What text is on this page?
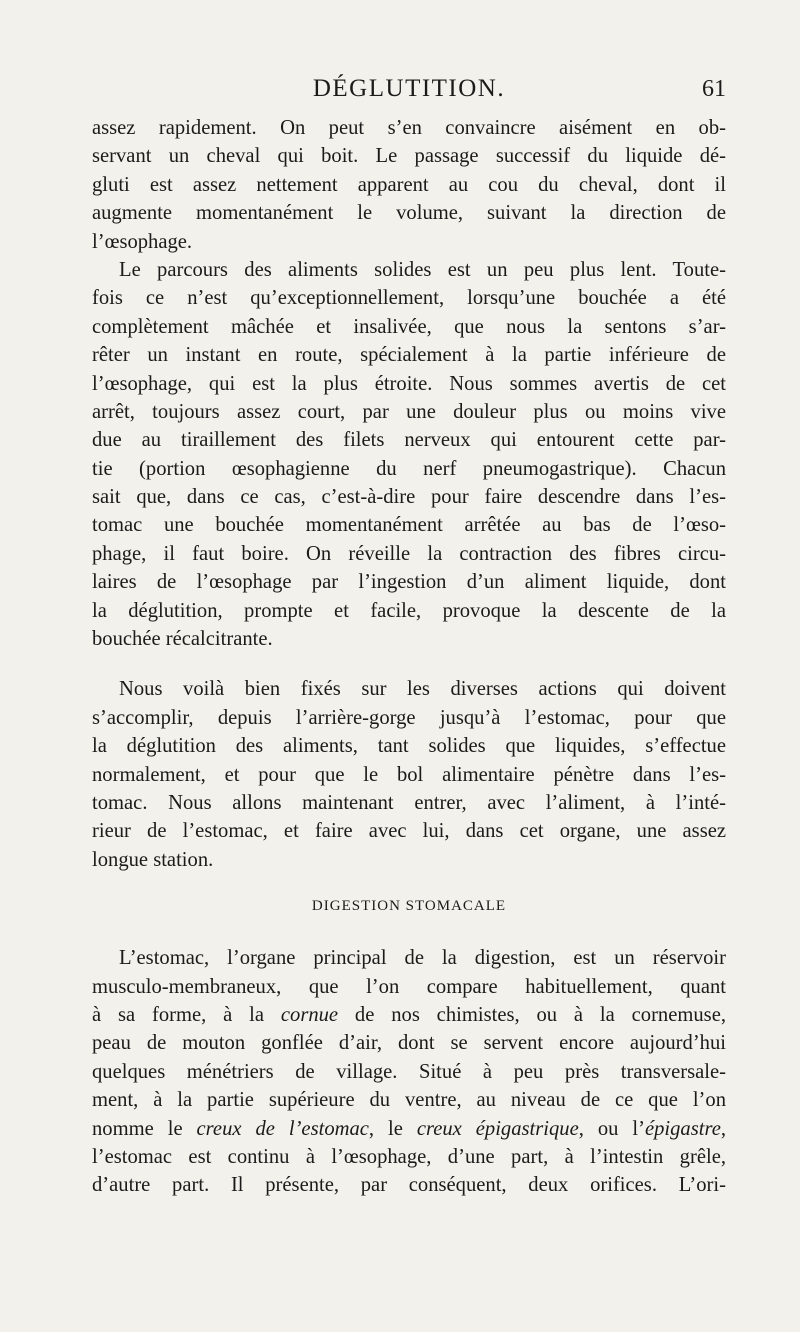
DÉGLUTITION.	61
assez rapidement. On peut s’en convaincre aisément en ob-
servant un cheval qui boit. Le passage successif du liquide dé-
gluti est assez nettement apparent au cou du cheval, dont il
augmente momentanément le volume, suivant la direction de
l’œsophage.
Le parcours des aliments solides est un peu plus lent. Toute-
fois ce n’est qu’exceptionnellement, lorsqu’une bouchée a été
complètement mâchée et insalivée, que nous la sentons s’ar-
rêter un instant en route, spécialement à la partie inférieure de
l’œsophage, qui est la plus étroite. Nous sommes avertis de cet
arrêt, toujours assez court, par une douleur plus ou moins vive
due au tiraillement des filets nerveux qui entourent cette par-
tie (portion œsophagienne du nerf pneumogastrique). Chacun
sait que, dans ce cas, c’est-à-dire pour faire descendre dans l’es-
tomac une bouchée momentanément arrêtée au bas de l’œso-
phage, il faut boire. On réveille la contraction des fibres circu-
laires de l’œsophage par l’ingestion d’un aliment liquide, dont
la déglutition, prompte et facile, provoque la descente de la
bouchée récalcitrante.
Nous voilà bien fixés sur les diverses actions qui doivent
s’accomplir, depuis l’arrière-gorge jusqu’à l’estomac, pour que
la déglutition des aliments, tant solides que liquides, s’effectue
normalement, et pour que le bol alimentaire pénètre dans l’es-
tomac. Nous allons maintenant entrer, avec l’aliment, à l’inté-
rieur de l’estomac, et faire avec lui, dans cet organe, une assez
longue station.
DIGESTION STOMACALE
L’estomac, l’organe principal de la digestion, est un réservoir
musculo-membraneux, que l’on compare habituellement, quant
à sa forme, à la cornue de nos chimistes, ou à la cornemuse,
peau de mouton gonflée d’air, dont se servent encore aujourd’hui
quelques ménétriers de village. Situé à peu près transversale-
ment, à la partie supérieure du ventre, au niveau de ce que l’on
nomme le creux de l’estomac, le creux épigastrique, ou l’épigastre,
l’estomac est continu à l’œsophage, d’une part, à l’intestin grêle,
d’autre part. Il présente, par conséquent, deux orifices. L’ori-
